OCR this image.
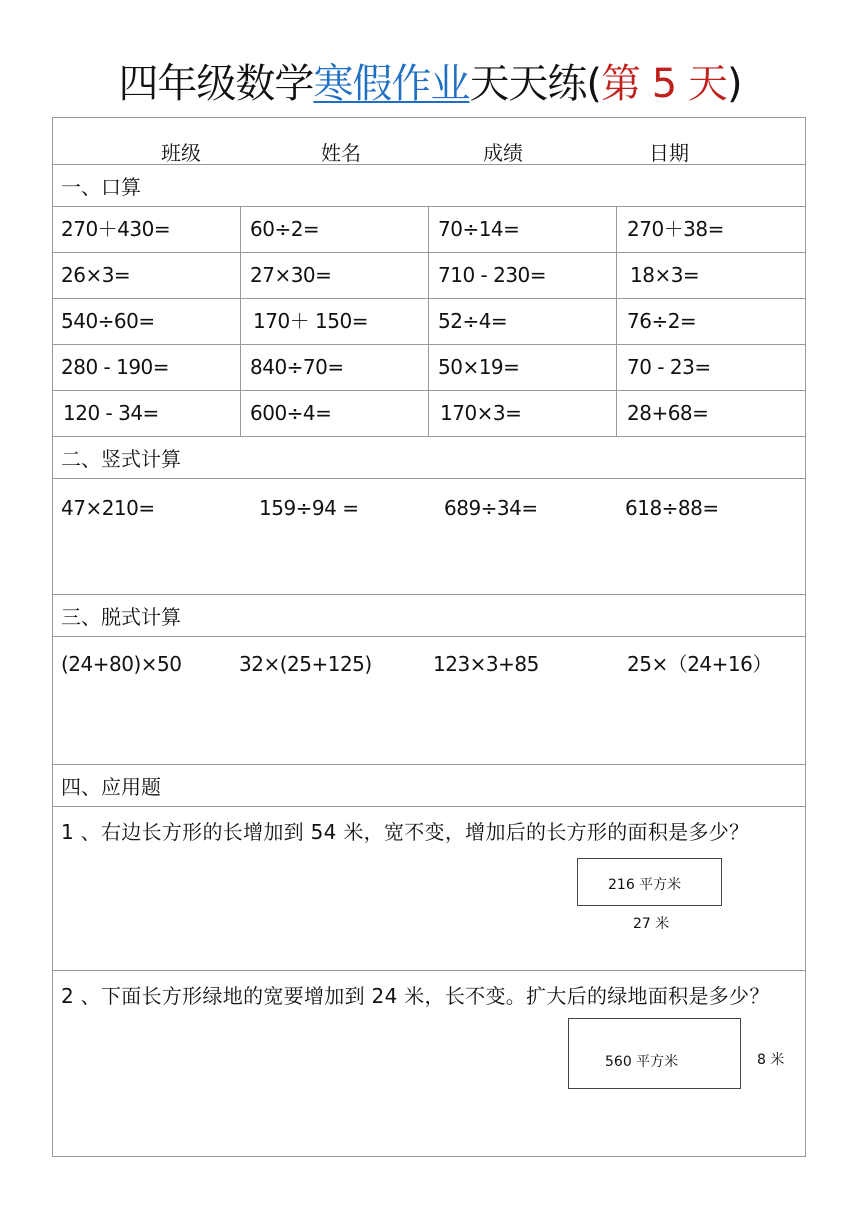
四年级数学寒假作业天天练(第 5 天)
班级	姓名	成绩	日期
一、口算
270＋430=	60÷2=	70÷14=	270＋38=
26×3=	27×30=	710 - 230=	18×3=
540÷60=	170＋ 150=	52÷4=	76÷2=
280 - 190=	840÷70=	50×19=	70 - 23=
120 - 34=	600÷4=	170×3=	28+68=
二、竖式计算
47×210=	159÷94 =	689÷34=	618÷88=
三、脱式计算
(24+80)×50	32×(25+125)	123×3+85	25×（24+16）
四、应用题
1 、右边长方形的长增加到 54 米，宽不变，增加后的长方形的面积是多少？
216 平方米
27 米
2 、下面长方形绿地的宽要增加到 24 米，长不变。扩大后的绿地面积是多少？
560 平方米	8 米
